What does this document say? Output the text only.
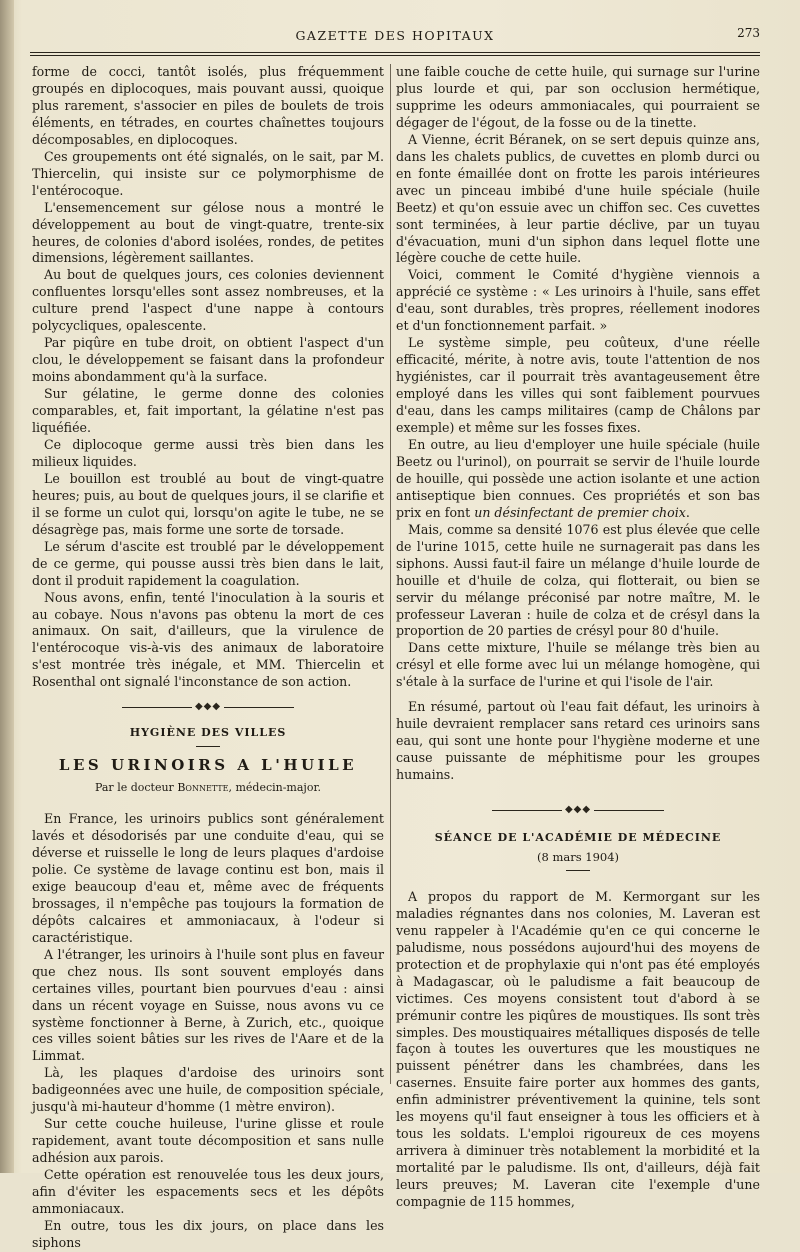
GAZETTE DES HOPITAUX	273

forme de cocci, tantôt isolés, plus fréquemment groupés en diplocoques, mais pouvant aussi, quoique plus rarement, s'associer en piles de boulets de trois éléments, en tétrades, en courtes chaînettes toujours décomposables, en diplocoques.

Ces groupements ont été signalés, on le sait, par M. Thiercelin, qui insiste sur ce polymorphisme de l'entérocoque.

L'ensemencement sur gélose nous a montré le développement au bout de vingt-quatre, trente-six heures, de colonies d'abord isolées, rondes, de petites dimensions, légèrement saillantes.

Au bout de quelques jours, ces colonies deviennent confluentes lorsqu'elles sont assez nombreuses, et la culture prend l'aspect d'une nappe à contours polycycliques, opalescente.

Par piqûre en tube droit, on obtient l'aspect d'un clou, le développement se faisant dans la profondeur moins abondamment qu'à la surface.

Sur gélatine, le germe donne des colonies comparables, et, fait important, la gélatine n'est pas liquéfiée.

Ce diplocoque germe aussi très bien dans les milieux liquides.

Le bouillon est troublé au bout de vingt-quatre heures; puis, au bout de quelques jours, il se clarifie et il se forme un culot qui, lorsqu'on agite le tube, ne se désagrège pas, mais forme une sorte de torsade.

Le sérum d'ascite est troublé par le développement de ce germe, qui pousse aussi très bien dans le lait, dont il produit rapidement la coagulation.

Nous avons, enfin, tenté l'inoculation à la souris et au cobaye. Nous n'avons pas obtenu la mort de ces animaux. On sait, d'ailleurs, que la virulence de l'entérocoque vis-à-vis des animaux de laboratoire s'est montrée très inégale, et MM. Thiercelin et Rosenthal ont signalé l'inconstance de son action.

◆◆◆
HYGIÈNE DES VILLES
LES URINOIRS A L'HUILE
Par le docteur Bonnette, médecin-major.

En France, les urinoirs publics sont généralement lavés et désodorisés par une conduite d'eau, qui se déverse et ruisselle le long de leurs plaques d'ardoise polie. Ce système de lavage continu est bon, mais il exige beaucoup d'eau et, même avec de fréquents brossages, il n'empêche pas toujours la formation de dépôts calcaires et ammoniacaux, à l'odeur si caractéristique.

A l'étranger, les urinoirs à l'huile sont plus en faveur que chez nous. Ils sont souvent employés dans certaines villes, pourtant bien pourvues d'eau : ainsi dans un récent voyage en Suisse, nous avons vu ce système fonctionner à Berne, à Zurich, etc., quoique ces villes soient bâties sur les rives de l'Aare et de la Limmat.

Là, les plaques d'ardoise des urinoirs sont badigeonnées avec une huile, de composition spéciale, jusqu'à mi-hauteur d'homme (1 mètre environ).

Sur cette couche huileuse, l'urine glisse et roule rapidement, avant toute décomposition et sans nulle adhésion aux parois.

Cette opération est renouvelée tous les deux jours, afin d'éviter les espacements secs et les dépôts ammoniacaux.

En outre, tous les dix jours, on place dans les siphons

une faible couche de cette huile, qui surnage sur l'urine plus lourde et qui, par son occlusion hermétique, supprime les odeurs ammoniacales, qui pourraient se dégager de l'égout, de la fosse ou de la tinette.

A Vienne, écrit Béranek, on se sert depuis quinze ans, dans les chalets publics, de cuvettes en plomb durci ou en fonte émaillée dont on frotte les parois intérieures avec un pinceau imbibé d'une huile spéciale (huile Beetz) et qu'on essuie avec un chiffon sec. Ces cuvettes sont terminées, à leur partie déclive, par un tuyau d'évacuation, muni d'un siphon dans lequel flotte une légère couche de cette huile.

Voici, comment le Comité d'hygiène viennois a apprécié ce système : « Les urinoirs à l'huile, sans effet d'eau, sont durables, très propres, réellement inodores et d'un fonctionnement parfait. »

Le système simple, peu coûteux, d'une réelle efficacité, mérite, à notre avis, toute l'attention de nos hygiénistes, car il pourrait très avantageusement être employé dans les villes qui sont faiblement pourvues d'eau, dans les camps militaires (camp de Châlons par exemple) et même sur les fosses fixes.

En outre, au lieu d'employer une huile spéciale (huile Beetz ou l'urinol), on pourrait se servir de l'huile lourde de houille, qui possède une action isolante et une action antiseptique bien connues. Ces propriétés et son bas prix en font un désinfectant de premier choix.

Mais, comme sa densité 1076 est plus élevée que celle de l'urine 1015, cette huile ne surnagerait pas dans les siphons. Aussi faut-il faire un mélange d'huile lourde de houille et d'huile de colza, qui flotterait, ou bien se servir du mélange préconisé par notre maître, M. le professeur Laveran : huile de colza et de crésyl dans la proportion de 20 parties de crésyl pour 80 d'huile.

Dans cette mixture, l'huile se mélange très bien au crésyl et elle forme avec lui un mélange homogène, qui s'étale à la surface de l'urine et qui l'isole de l'air.

En résumé, partout où l'eau fait défaut, les urinoirs à huile devraient remplacer sans retard ces urinoirs sans eau, qui sont une honte pour l'hygiène moderne et une cause puissante de méphitisme pour les groupes humains.

◆◆◆
SÉANCE DE L'ACADÉMIE DE MÉDECINE
(8 mars 1904)

A propos du rapport de M. Kermorgant sur les maladies régnantes dans nos colonies, M. Laveran est venu rappeler à l'Académie qu'en ce qui concerne le paludisme, nous possédons aujourd'hui des moyens de protection et de prophylaxie qui n'ont pas été employés à Madagascar, où le paludisme a fait beaucoup de victimes. Ces moyens consistent tout d'abord à se prémunir contre les piqûres de moustiques. Ils sont très simples. Des moustiquaires métalliques disposés de telle façon à toutes les ouvertures que les moustiques ne puissent pénétrer dans les chambrées, dans les casernes. Ensuite faire porter aux hommes des gants, enfin administrer préventivement la quinine, tels sont les moyens qu'il faut enseigner à tous les officiers et à tous les soldats. L'emploi rigoureux de ces moyens arrivera à diminuer très notablement la morbidité et la mortalité par le paludisme. Ils ont, d'ailleurs, déjà fait leurs preuves; M. Laveran cite l'exemple d'une compagnie de 115 hommes,
